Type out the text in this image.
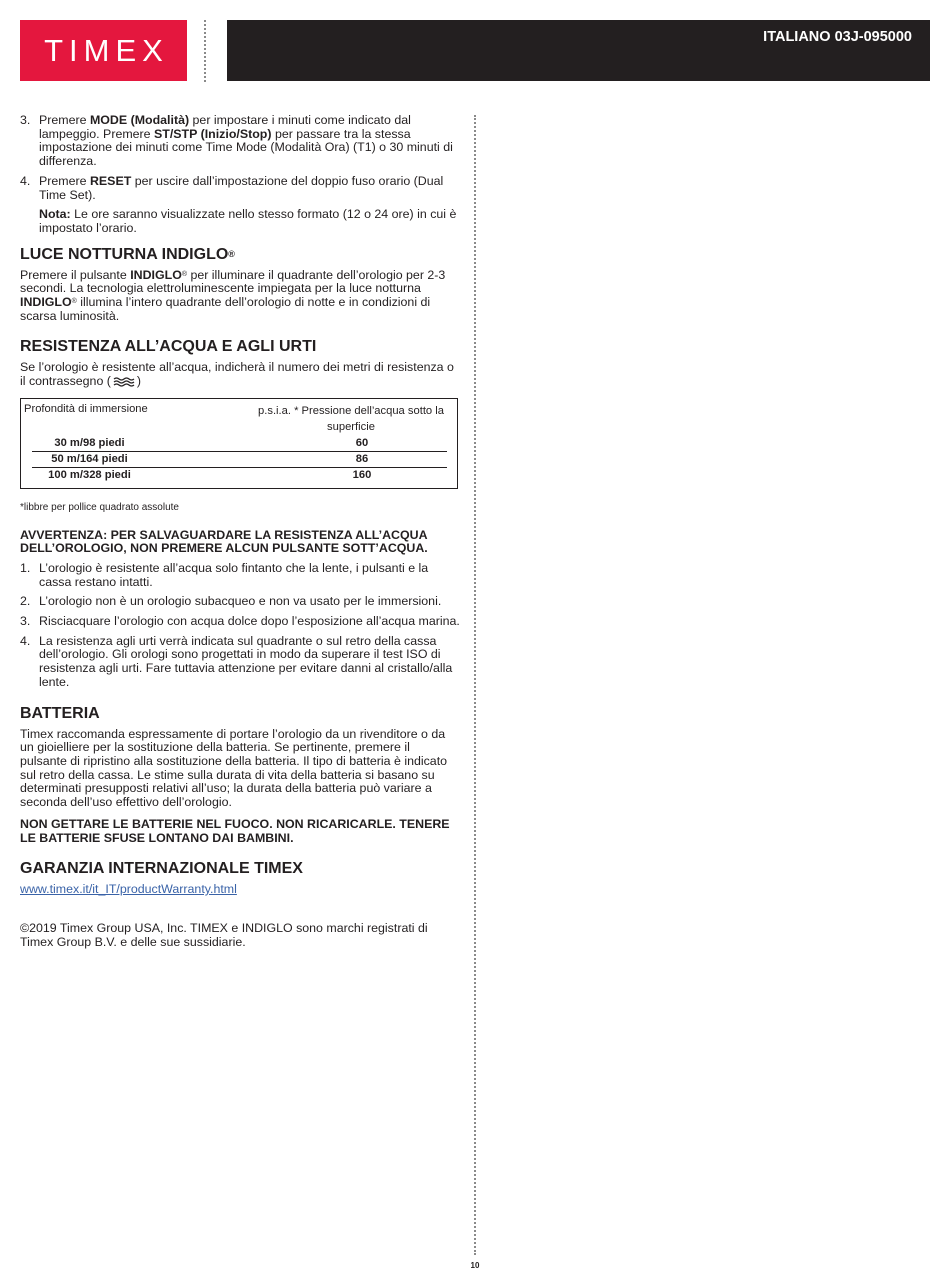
TIMEX	ITALIANO 03J-095000
3. Premere MODE (Modalità) per impostare i minuti come indicato dal lampeggio. Premere ST/STP (Inizio/Stop) per passare tra la stessa impostazione dei minuti come Time Mode (Modalità Ora) (T1) o 30 minuti di differenza.
4. Premere RESET per uscire dall’impostazione del doppio fuso orario (Dual Time Set).
Nota: Le ore saranno visualizzate nello stesso formato (12 o 24 ore) in cui è impostato l’orario.
LUCE NOTTURNA INDIGLO®

Premere il pulsante INDIGLO® per illuminare il quadrante dell’orologio per 2-3 secondi. La tecnologia elettroluminescente impiegata per la luce notturna INDIGLO® illumina l’intero quadrante dell’orologio di notte e in condizioni di scarsa luminosità.

RESISTENZA ALL’ACQUA E AGLI URTI

Se l’orologio è resistente all’acqua, indicherà il numero dei metri di resistenza o il contrassegno ( )

Profondità di immersione	p.s.i.a. * Pressione dell’acqua sotto la superficie
30 m/98 piedi	60
50 m/164 piedi	86
100 m/328 piedi	160

*libbre per pollice quadrato assolute

AVVERTENZA: PER SALVAGUARDARE LA RESISTENZA ALL’ACQUA DELL’OROLOGIO, NON PREMERE ALCUN PULSANTE SOTT’ACQUA.

1. L’orologio è resistente all’acqua solo fintanto che la lente, i pulsanti e la cassa restano intatti.
2. L’orologio non è un orologio subacqueo e non va usato per le immersioni.
3. Risciacquare l’orologio con acqua dolce dopo l’esposizione all’acqua marina.
4. La resistenza agli urti verrà indicata sul quadrante o sul retro della cassa dell’orologio. Gli orologi sono progettati in modo da superare il test ISO di resistenza agli urti. Fare tuttavia attenzione per evitare danni al cristallo/alla lente.
BATTERIA

Timex raccomanda espressamente di portare l’orologio da un rivenditore o da un gioielliere per la sostituzione della batteria. Se pertinente, premere il pulsante di ripristino alla sostituzione della batteria. Il tipo di batteria è indicato sul retro della cassa. Le stime sulla durata di vita della batteria si basano su determinati presupposti relativi all’uso; la durata della batteria può variare a seconda dell’uso effettivo dell’orologio.

NON GETTARE LE BATTERIE NEL FUOCO. NON RICARICARLE. TENERE LE BATTERIE SFUSE LONTANO DAI BAMBINI.

GARANZIA INTERNAZIONALE TIMEX

www.timex.it/it_IT/productWarranty.html

©2019 Timex Group USA, Inc. TIMEX e INDIGLO sono marchi registrati di Timex Group B.V. e delle sue sussidiarie.

10
